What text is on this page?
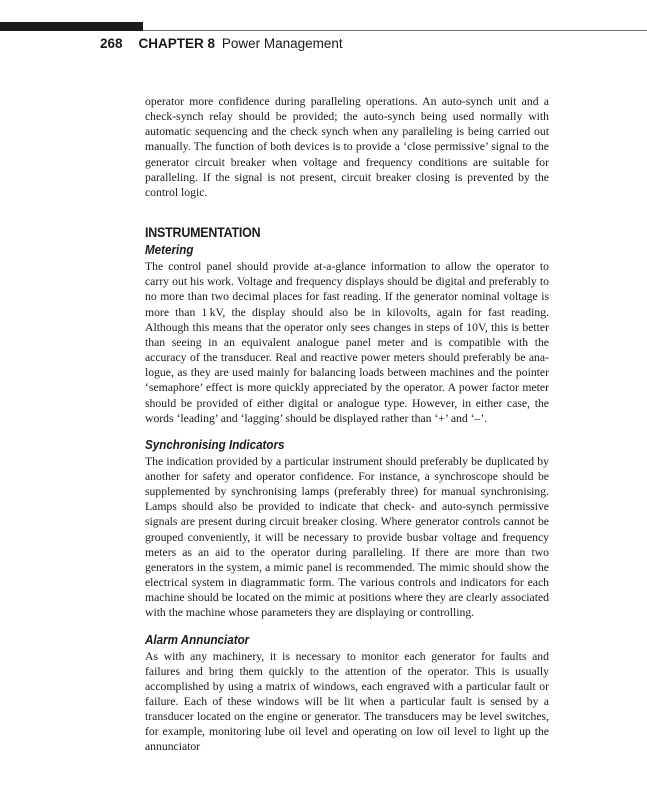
268 CHAPTER 8 Power Management

operator more confidence during paralleling operations. An auto-synch unit and a check-synch relay should be provided; the auto-synch being used normally with automatic sequencing and the check synch when any paralleling is being carried out manually. The function of both devices is to provide a ‘close permissive’ signal to the generator circuit breaker when voltage and frequency conditions are suitable for paralleling. If the signal is not present, circuit breaker closing is prevented by the control logic.

INSTRUMENTATION
Metering

The control panel should provide at-a-glance information to allow the operator to carry out his work. Voltage and frequency displays should be digital and preferably to no more than two decimal places for fast reading. If the generator nominal voltage is more than 1 kV, the display should also be in kilovolts, again for fast reading. Although this means that the operator only sees changes in steps of 10V, this is better than seeing in an equivalent analogue panel meter and is compatible with the accuracy of the transducer. Real and reactive power meters should preferably be analogue, as they are used mainly for balancing loads between machines and the pointer ‘semaphore’ effect is more quickly appreciated by the operator. A power factor meter should be provided of either digital or analogue type. However, in either case, the words ‘leading’ and ‘lagging’ should be displayed rather than ‘+’ and ‘–’.

Synchronising Indicators

The indication provided by a particular instrument should preferably be duplicated by another for safety and operator confidence. For instance, a synchroscope should be supplemented by synchronising lamps (preferably three) for manual synchronising. Lamps should also be provided to indicate that check- and auto-synch permissive signals are present during circuit breaker closing. Where generator controls cannot be grouped conveniently, it will be necessary to provide busbar voltage and frequency meters as an aid to the operator during paralleling. If there are more than two generators in the system, a mimic panel is recommended. The mimic should show the electrical system in diagrammatic form. The various controls and indicators for each machine should be located on the mimic at positions where they are clearly associated with the machine whose parameters they are displaying or controlling.

Alarm Annunciator

As with any machinery, it is necessary to monitor each generator for faults and failures and bring them quickly to the attention of the operator. This is usually accomplished by using a matrix of windows, each engraved with a particular fault or failure. Each of these windows will be lit when a particular fault is sensed by a transducer located on the engine or generator. The transducers may be level switches, for example, monitoring lube oil level and operating on low oil level to light up the annunciator
